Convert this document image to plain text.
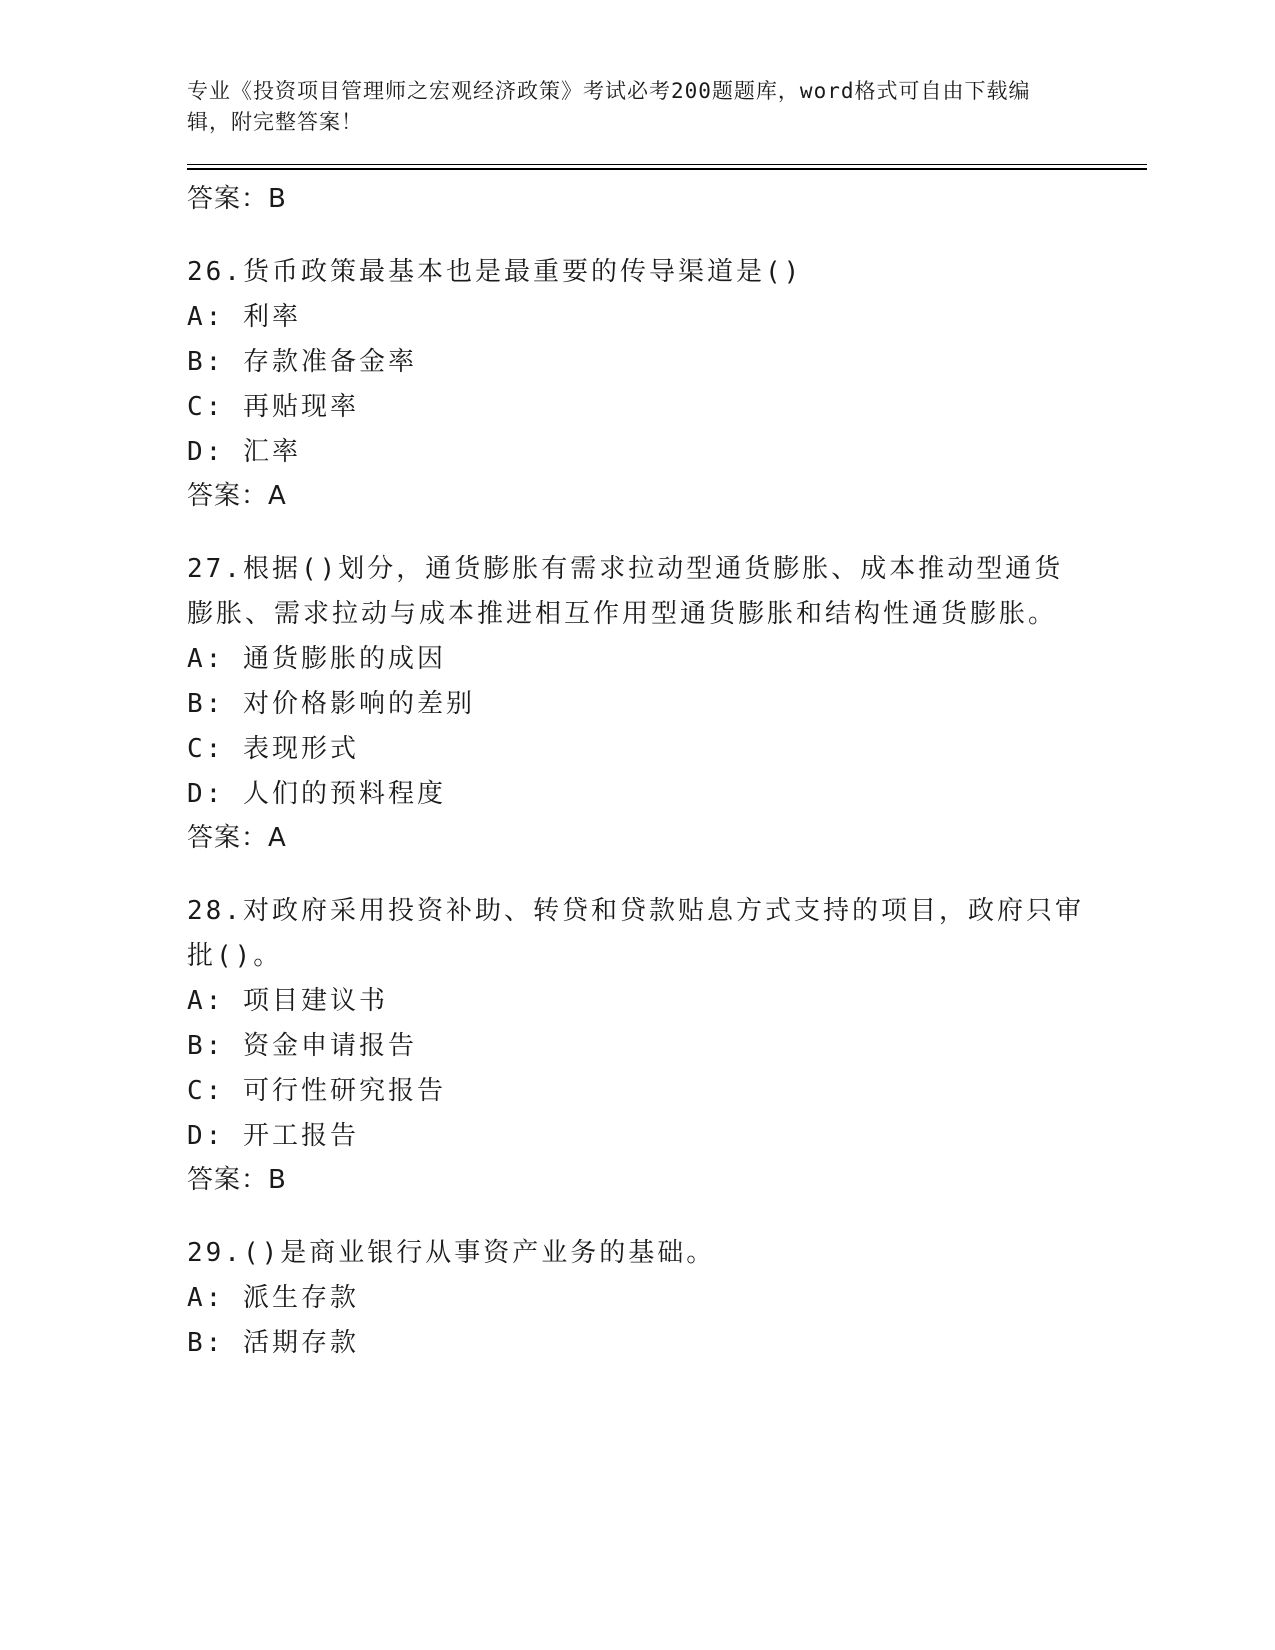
专业《投资项目管理师之宏观经济政策》考试必考200题题库，word格式可自由下载编辑，附完整答案！
答案：B
26.货币政策最基本也是最重要的传导渠道是()
A: 利率
B: 存款准备金率
C: 再贴现率
D: 汇率
答案：A
27.根据()划分，通货膨胀有需求拉动型通货膨胀、成本推动型通货膨胀、需求拉动与成本推进相互作用型通货膨胀和结构性通货膨胀。
A: 通货膨胀的成因
B: 对价格影响的差别
C: 表现形式
D: 人们的预料程度
答案：A
28.对政府采用投资补助、转贷和贷款贴息方式支持的项目，政府只审批()。
A: 项目建议书
B: 资金申请报告
C: 可行性研究报告
D: 开工报告
答案：B
29.()是商业银行从事资产业务的基础。
A: 派生存款
B: 活期存款
